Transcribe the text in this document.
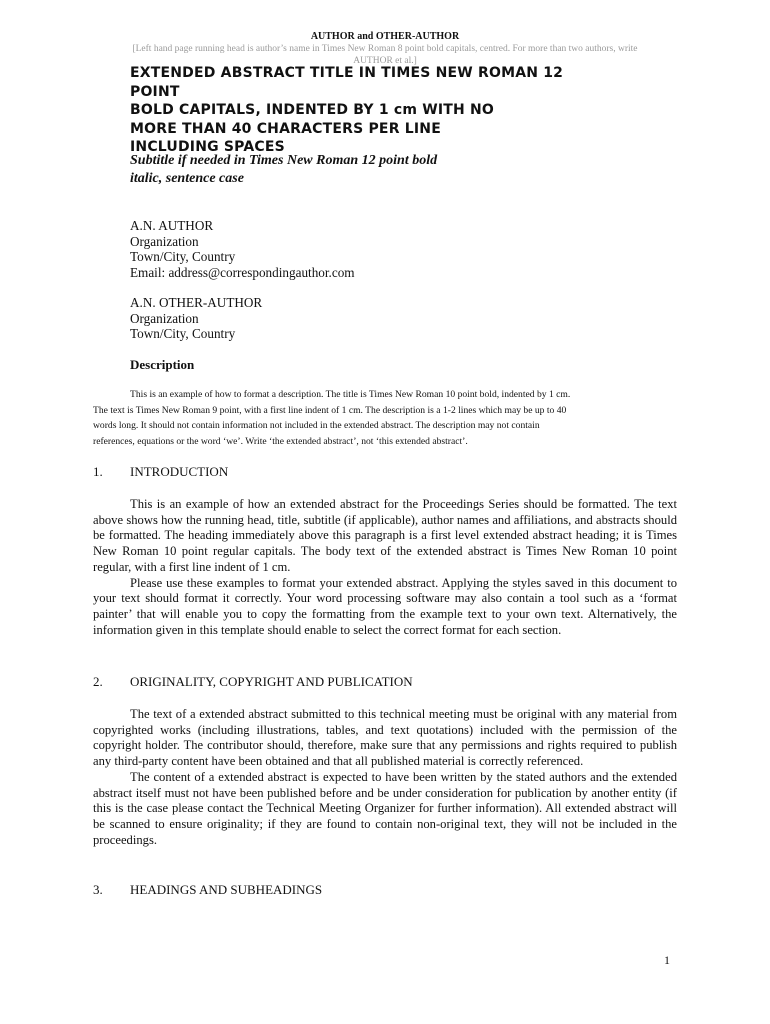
AUTHOR and OTHER-AUTHOR
[Left hand page running head is author’s name in Times New Roman 8 point bold capitals, centred. For more than two authors, write
AUTHOR et al.]
EXTENDED ABSTRACT TITLE IN TIMES NEW ROMAN 12
POINT
BOLD CAPITALS, INDENTED BY 1 cm WITH NO
MORE THAN 40 CHARACTERS PER LINE
INCLUDING SPACES
Subtitle if needed in Times New Roman 12 point bold
italic, sentence case
A.N. AUTHOR
Organization
Town/City, Country
Email: address@correspondingauthor.com
A.N. OTHER-AUTHOR
Organization
Town/City, Country
Description
This is an example of how to format a description. The title is Times New Roman 10 point bold, indented by 1 cm.
The text is Times New Roman 9 point, with a first line indent of 1 cm. The description is a 1-2 lines which may be up to 40
words long. It should not contain information not included in the extended abstract. The description may not contain
references, equations or the word ‘we’. Write ‘the extended abstract’, not ‘this extended abstract’.
1. INTRODUCTION

This is an example of how an extended abstract for the Proceedings Series should be formatted. The text above shows how the running head, title, subtitle (if applicable), author names and affiliations, and abstracts should be formatted. The heading immediately above this paragraph is a first level extended abstract heading; it is Times New Roman 10 point regular capitals. The body text of the extended abstract is Times New Roman 10 point regular, with a first line indent of 1 cm.

Please use these examples to format your extended abstract. Applying the styles saved in this document to your text should format it correctly. Your word processing software may also contain a tool such as a ‘format painter’ that will enable you to copy the formatting from the example text to your own text. Alternatively, the information given in this template should enable to select the correct format for each section.

2. ORIGINALITY, COPYRIGHT AND PUBLICATION

The text of a extended abstract submitted to this technical meeting must be original with any material from copyrighted works (including illustrations, tables, and text quotations) included with the permission of the copyright holder. The contributor should, therefore, make sure that any permissions and rights required to publish any third-party content have been obtained and that all published material is correctly referenced.

The content of a extended abstract is expected to have been written by the stated authors and the extended abstract itself must not have been published before and be under consideration for publication by another entity (if this is the case please contact the Technical Meeting Organizer for further information). All extended abstract will be scanned to ensure originality; if they are found to contain non-original text, they will not be included in the proceedings.

3. HEADINGS AND SUBHEADINGS
1
